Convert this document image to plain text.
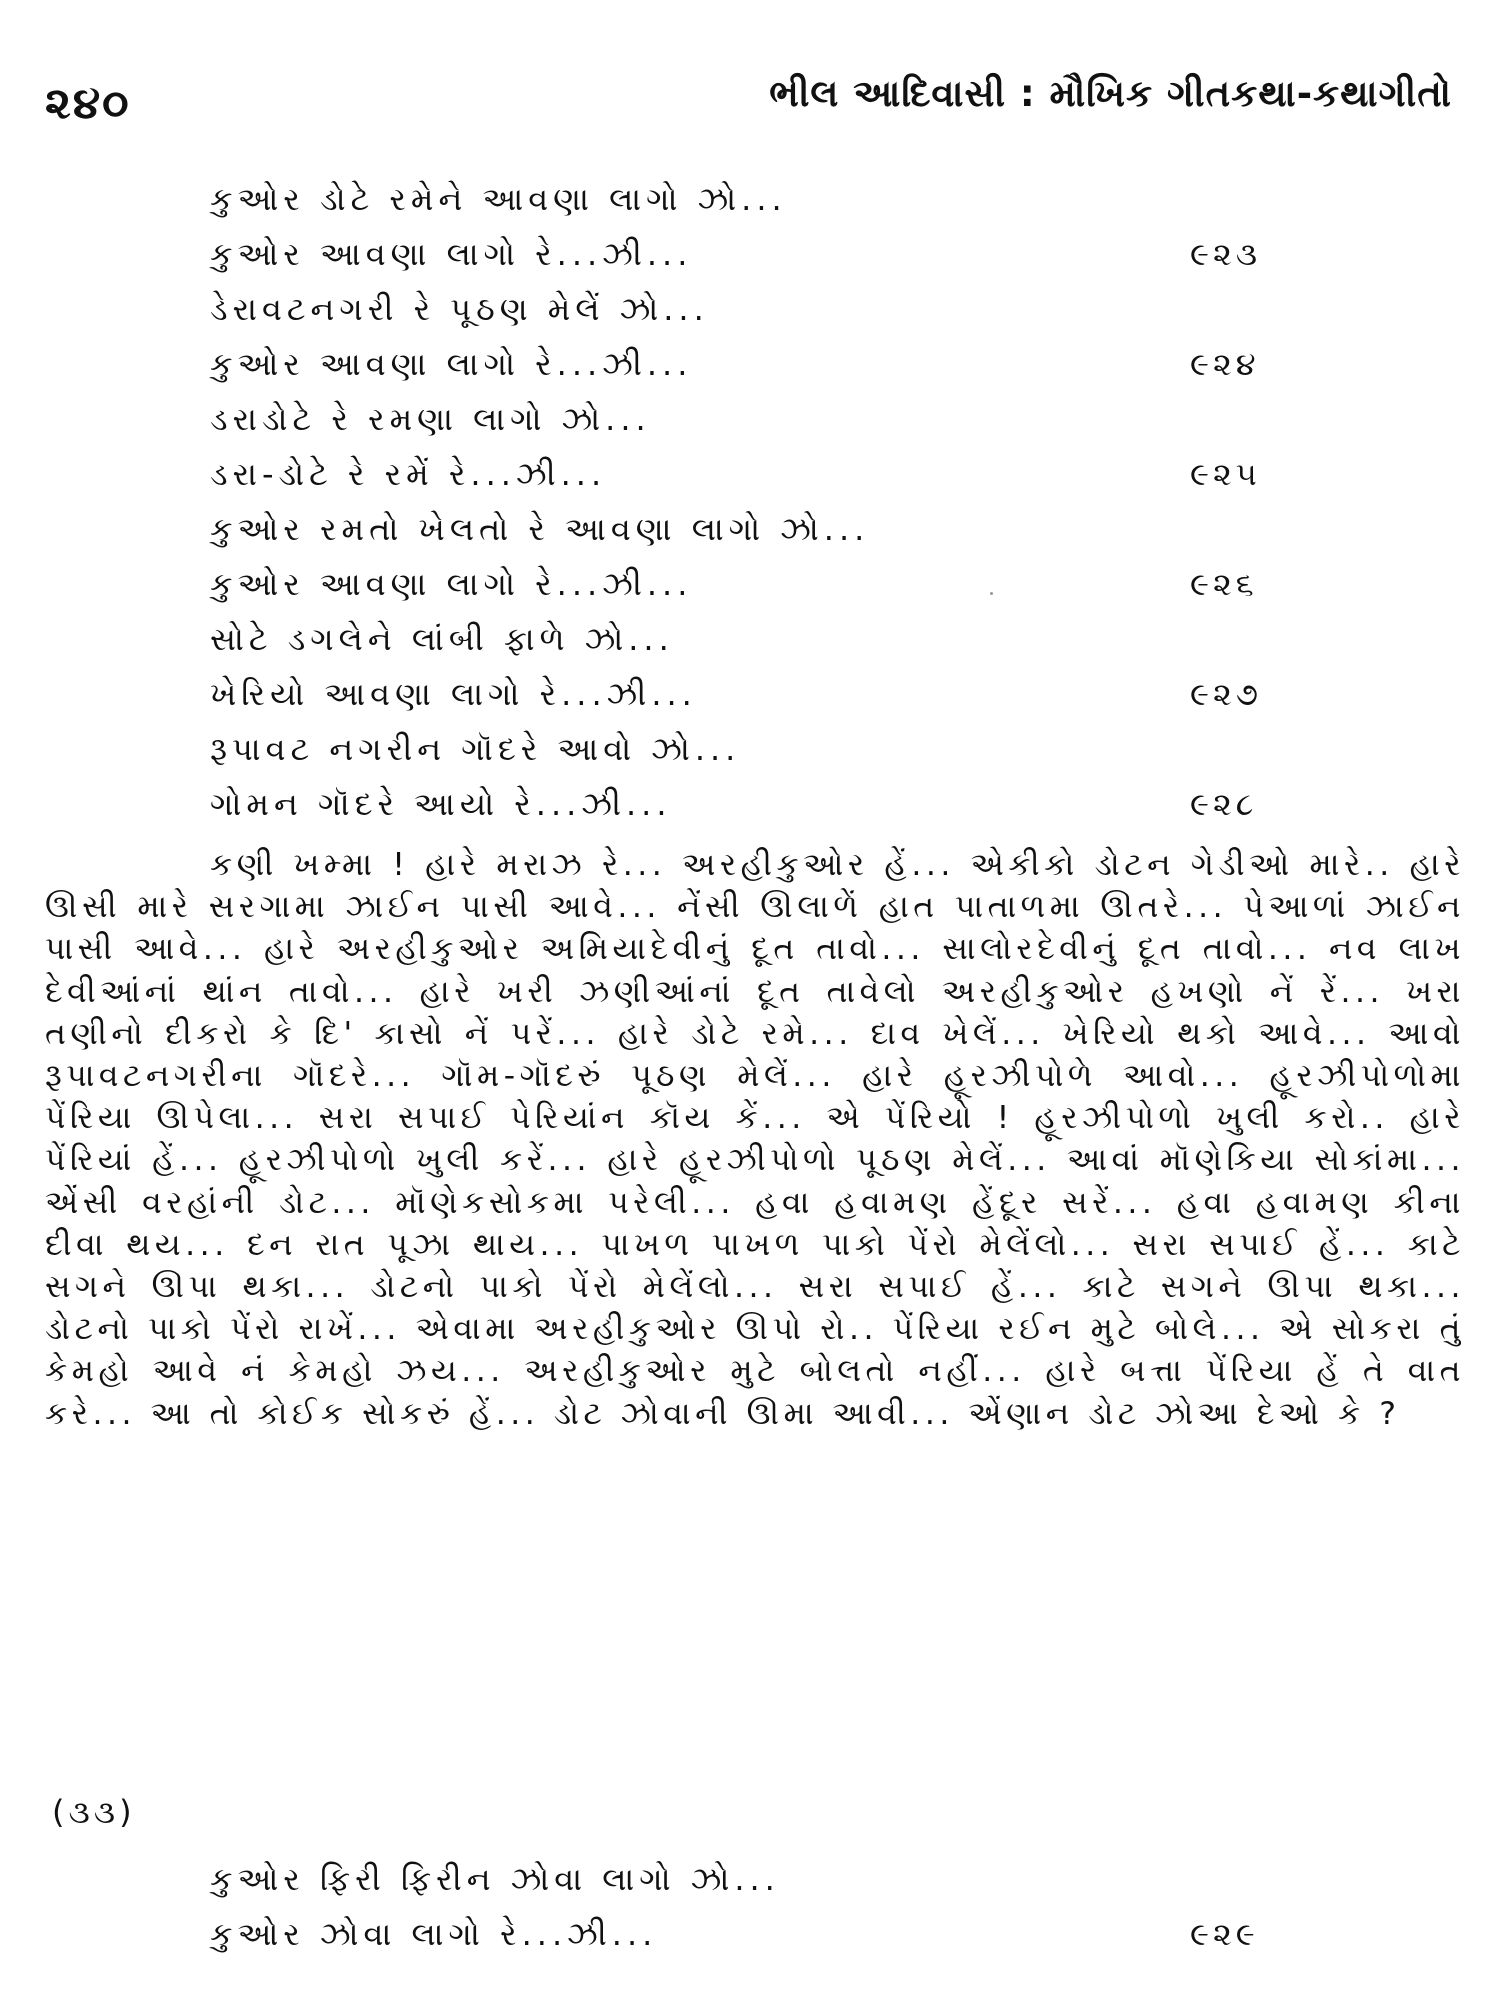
૨૪૦	ભીલ આદિવાસી : મૌખિક ગીતકથા-કથાગીતો
કુઓર ડોટે રમેને આવણા લાગો ઝો...
કુઓર આવણા લાગો રે...ઝી...	૯૨૩
ડેરાવટનગરી રે પૂઠણ મેલેં ઝો...
કુઓર આવણા લાગો રે...ઝી...	૯૨૪
ડરાડોટે રે રમણા લાગો ઝો...
ડરા-ડોટે રે રમેં રે...ઝી...	૯૨૫
કુઓર રમતો ખેલતો રે આવણા લાગો ઝો...
કુઓર આવણા લાગો રે...ઝી...	૯૨૬
સોટે ડગલેને લાંબી ફાળે ઝો...
ખેરિયો આવણા લાગો રે...ઝી...	૯૨૭
રૂપાવટ નગરીન ગૉદરે આવો ઝો...
ગોમન ગૉદરે આયો રે...ઝી...	૯૨૮
કણી ખમ્મા ! હારે મરાઝ રે... અરહીકુઓર હેં... એકીકો ડોટન ગેડીઓ મારે.. હારે ઊસી મારે સરગામા ઝાઈન પાસી આવે... નેંસી ઊલાળેં હાત પાતાળમા ઊતરે... પેઆળાં ઝાઈન પાસી આવે... હારે અરહીકુઓર અમિયાદેવીનું દૂત તાવો... સાલોરદેવીનું દૂત તાવો... નવ લાખ દેવીઆંનાં થાંન તાવો... હારે ખરી ઝણીઆંનાં દૂત તાવેલો અરહીકુઓર હખણો નેં રેં... ખરા તણીનો દીકરો કે દિ' કાસો નેં પરેં... હારે ડોટે રમે... દાવ ખેલેં... ખેરિયો થકો આવે... આવો રૂપાવટનગરીના ગૉદરે... ગૉમ-ગૉદરું પૂઠણ મેલેં... હારે હૂરઝીપોળે આવો... હૂરઝીપોળોમા પેંરિયા ઊપેલા... સરા સપાઈ પેરિયાંન કૉય કેં... એ પેંરિયો ! હૂરઝીપોળો ખુલી કરો.. હારે પેંરિયાં હેં... હૂરઝીપોળો ખુલી કરેં... હારે હૂરઝીપોળો પૂઠણ મેલેં... આવાં મૉણેકિયા સોકાંમા... એંસી વરહાંની ડોટ... મૉણેકસોકમા પરેલી... હવા હવામણ હેંદૂર સરેં... હવા હવામણ કીના દીવા થય... દન રાત પૂઝા થાય... પાખળ પાખળ પાકો પેંરો મેલેંલો... સરા સપાઈ હેં... કાટે સગને ઊપા થકા... ડોટનો પાકો પેંરો મેલેંલો... સરા સપાઈ હેં... કાટે સગને ઊપા થકા... ડોટનો પાકો પેંરો રાખેં... એવામા અરહીકુઓર ઊપો રો.. પેંરિયા રઈન મુટે બોલે... એ સોકરા તું કેમહો આવે નં કેમહો ઝય... અરહીકુઓર મુટે બોલતો નહીં... હારે બત્તા પેંરિયા હેં તે વાત કરે... આ તો કોઈક સોકરું હેં... ડોટ ઝોવાની ઊમા આવી... એંણાન ડોટ ઝોઆ દેઓ કે ?
(૩૩)
કુઓર ફિરી ફિરીન ઝોવા લાગો ઝો...
કુઓર ઝોવા લાગો રે...ઝી...	૯૨૯
